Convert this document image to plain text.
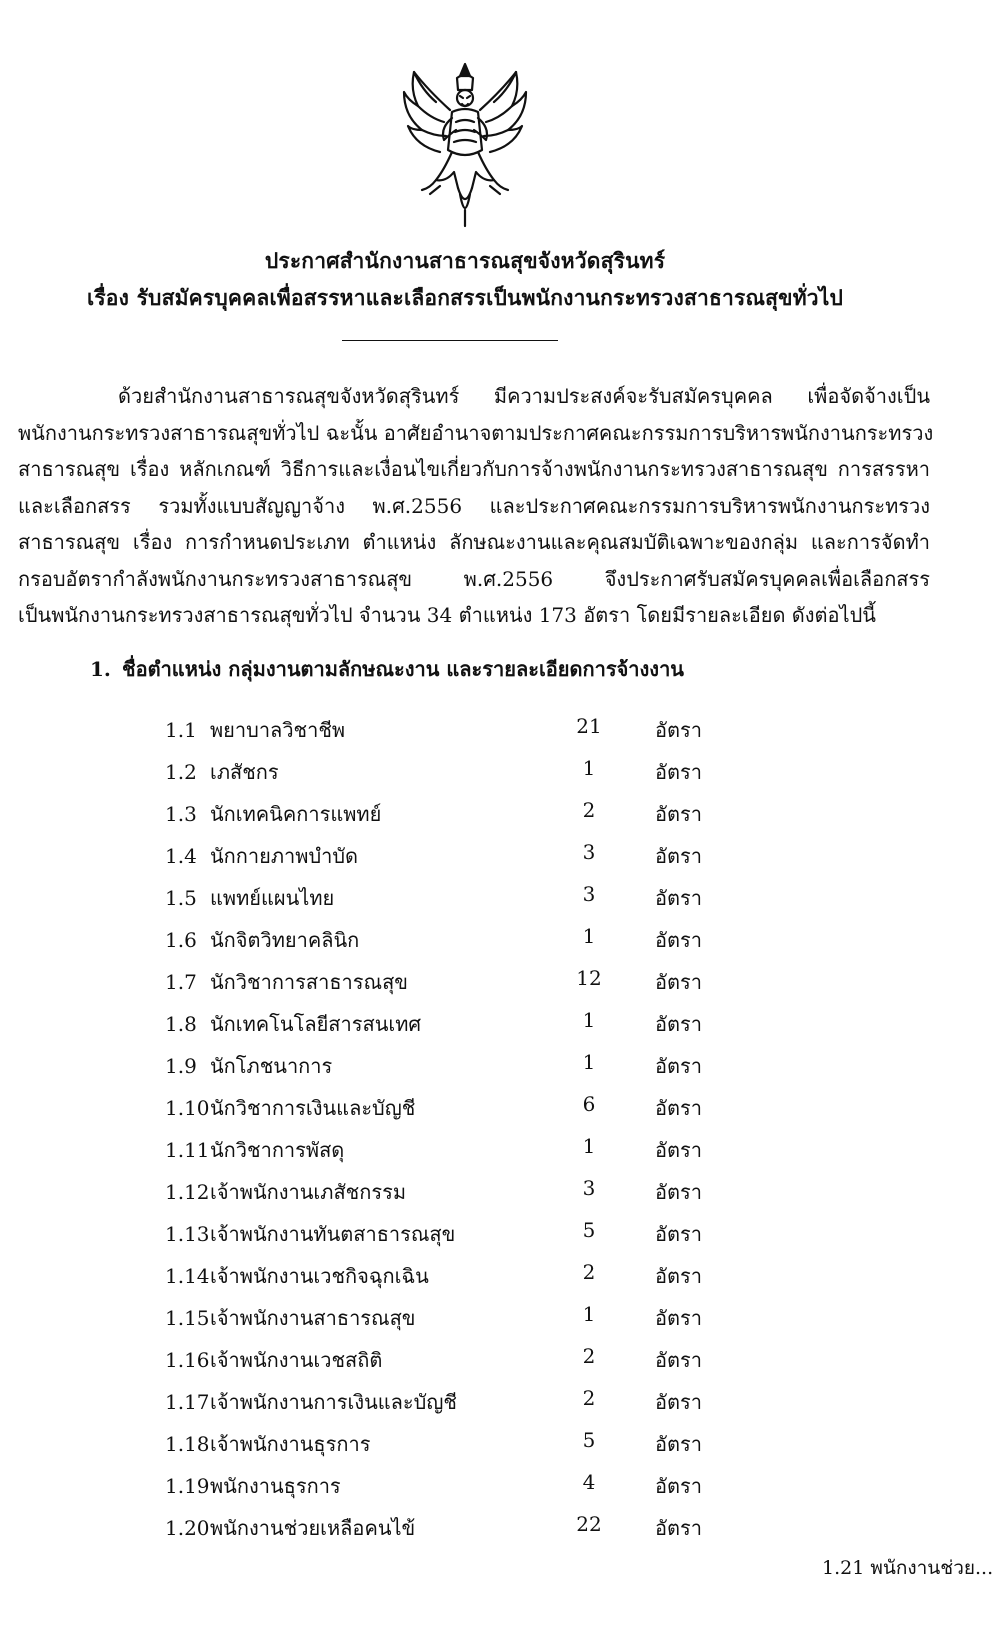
ประกาศสำนักงานสาธารณสุขจังหวัดสุรินทร์
เรื่อง รับสมัครบุคคลเพื่อสรรหาและเลือกสรรเป็นพนักงานกระทรวงสาธารณสุขทั่วไป
ด้วยสำนักงานสาธารณสุขจังหวัดสุรินทร์ มีความประสงค์จะรับสมัครบุคคล เพื่อจัดจ้างเป็น
พนักงานกระทรวงสาธารณสุขทั่วไป ฉะนั้น อาศัยอำนาจตามประกาศคณะกรรมการบริหารพนักงานกระทรวง
สาธารณสุข เรื่อง หลักเกณฑ์ วิธีการและเงื่อนไขเกี่ยวกับการจ้างพนักงานกระทรวงสาธารณสุข การสรรหา
และเลือกสรร รวมทั้งแบบสัญญาจ้าง พ.ศ.2556 และประกาศคณะกรรมการบริหารพนักงานกระทรวง
สาธารณสุข เรื่อง การกำหนดประเภท ตำแหน่ง ลักษณะงานและคุณสมบัติเฉพาะของกลุ่ม และการจัดทำ
กรอบอัตรากำลังพนักงานกระทรวงสาธารณสุข พ.ศ.2556 จึงประกาศรับสมัครบุคคลเพื่อเลือกสรร
เป็นพนักงานกระทรวงสาธารณสุขทั่วไป จำนวน 34 ตำแหน่ง 173 อัตรา โดยมีรายละเอียด ดังต่อไปนี้
1. ชื่อตำแหน่ง กลุ่มงานตามลักษณะงาน และรายละเอียดการจ้างงาน
1.1 พยาบาลวิชาชีพ	21	อัตรา
1.2 เภสัชกร	1	อัตรา
1.3 นักเทคนิคการแพทย์	2	อัตรา
1.4 นักกายภาพบำบัด	3	อัตรา
1.5 แพทย์แผนไทย	3	อัตรา
1.6 นักจิตวิทยาคลินิก	1	อัตรา
1.7 นักวิชาการสาธารณสุข	12	อัตรา
1.8 นักเทคโนโลยีสารสนเทศ	1	อัตรา
1.9 นักโภชนาการ	1	อัตรา
1.10นักวิชาการเงินและบัญชี	6	อัตรา
1.11นักวิชาการพัสดุ	1	อัตรา
1.12เจ้าพนักงานเภสัชกรรม	3	อัตรา
1.13เจ้าพนักงานทันตสาธารณสุข	5	อัตรา
1.14เจ้าพนักงานเวชกิจฉุกเฉิน	2	อัตรา
1.15เจ้าพนักงานสาธารณสุข	1	อัตรา
1.16เจ้าพนักงานเวชสถิติ	2	อัตรา
1.17เจ้าพนักงานการเงินและบัญชี	2	อัตรา
1.18เจ้าพนักงานธุรการ	5	อัตรา
1.19พนักงานธุรการ	4	อัตรา
1.20พนักงานช่วยเหลือคนไข้	22	อัตรา
1.21 พนักงานช่วย...
